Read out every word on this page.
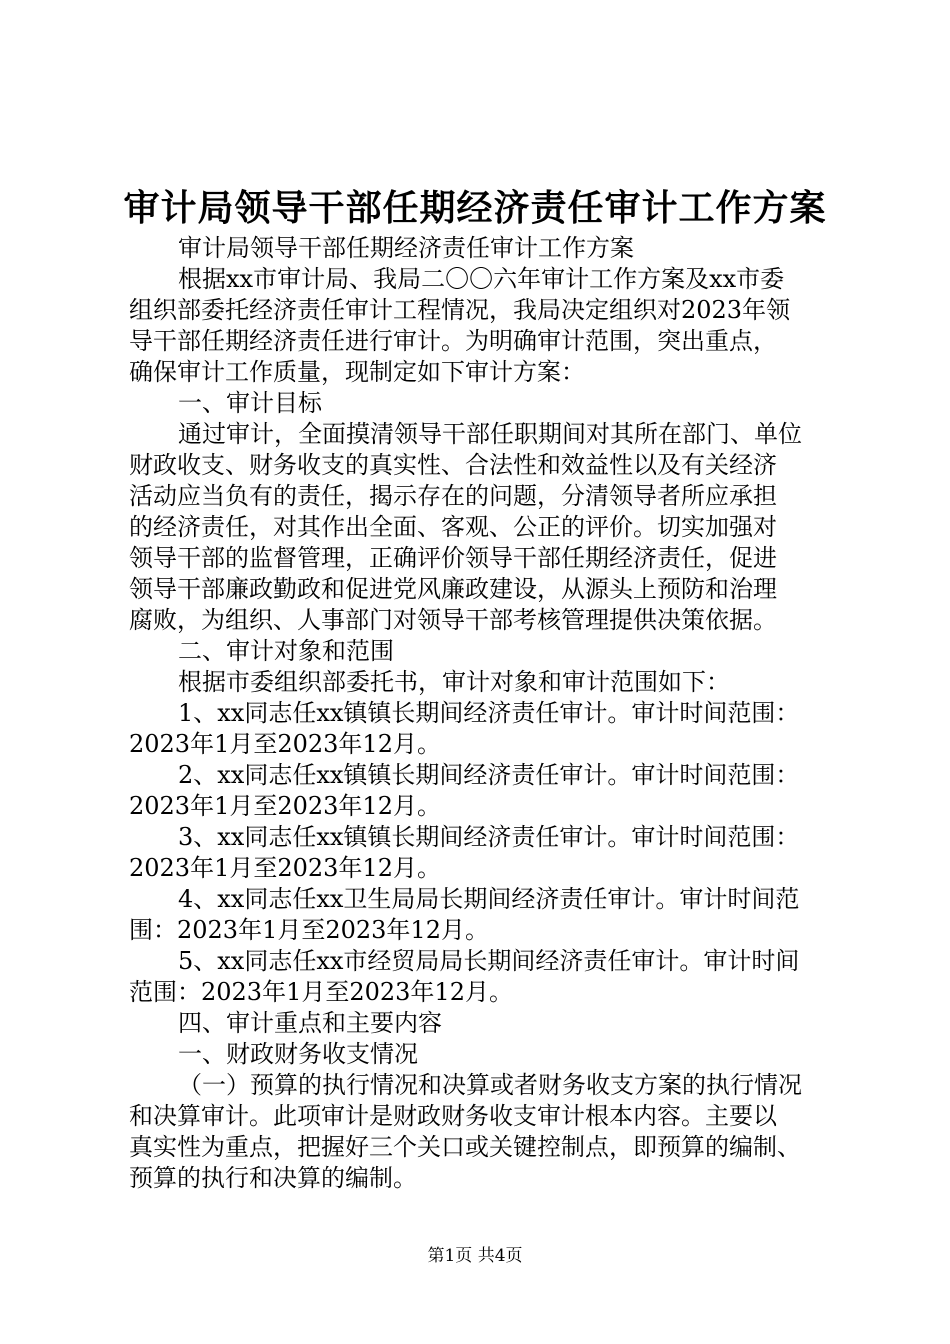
审计局领导干部任期经济责任审计工作方案
审计局领导干部任期经济责任审计工作方案
根据xx市审计局、我局二〇〇六年审计工作方案及xx市委
组织部委托经济责任审计工程情况，我局决定组织对2023年领
导干部任期经济责任进行审计。为明确审计范围，突出重点，
确保审计工作质量，现制定如下审计方案：
一、审计目标
通过审计，全面摸清领导干部任职期间对其所在部门、单位
财政收支、财务收支的真实性、合法性和效益性以及有关经济
活动应当负有的责任，揭示存在的问题，分清领导者所应承担
的经济责任，对其作出全面、客观、公正的评价。切实加强对
领导干部的监督管理，正确评价领导干部任期经济责任，促进
领导干部廉政勤政和促进党风廉政建设，从源头上预防和治理
腐败，为组织、人事部门对领导干部考核管理提供决策依据。
二、审计对象和范围
根据市委组织部委托书，审计对象和审计范围如下：
1、xx同志任xx镇镇长期间经济责任审计。审计时间范围：
2023年1月至2023年12月。
2、xx同志任xx镇镇长期间经济责任审计。审计时间范围：
2023年1月至2023年12月。
3、xx同志任xx镇镇长期间经济责任审计。审计时间范围：
2023年1月至2023年12月。
4、xx同志任xx卫生局局长期间经济责任审计。审计时间范
围：2023年1月至2023年12月。
5、xx同志任xx市经贸局局长期间经济责任审计。审计时间
范围：2023年1月至2023年12月。
四、审计重点和主要内容
一、财政财务收支情况
（一）预算的执行情况和决算或者财务收支方案的执行情况
和决算审计。此项审计是财政财务收支审计根本内容。主要以
真实性为重点，把握好三个关口或关键控制点，即预算的编制、
预算的执行和决算的编制。
第1页 共4页
